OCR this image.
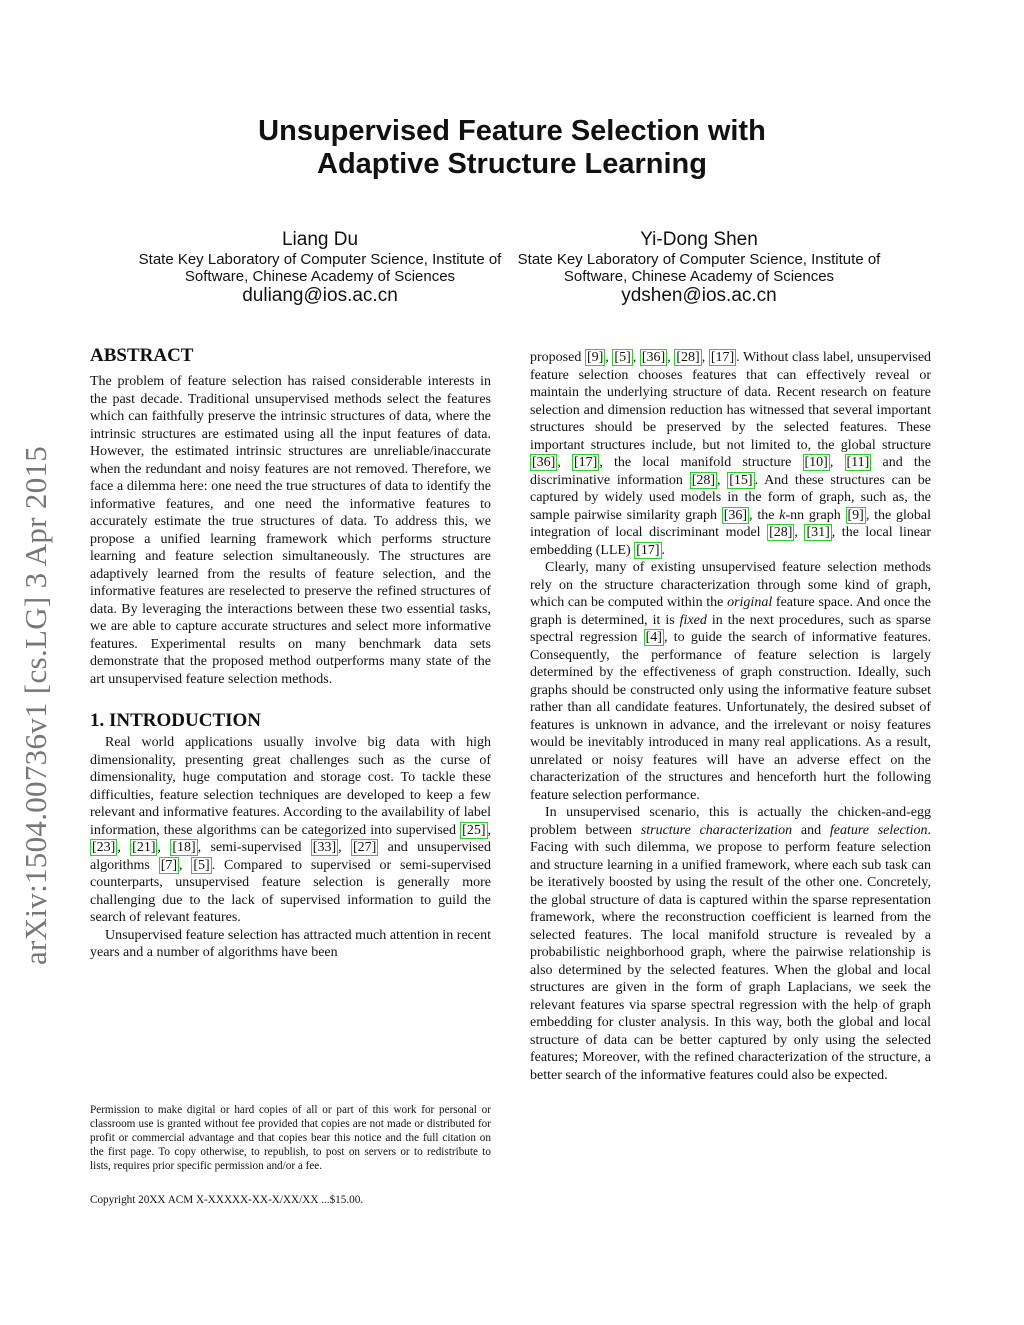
arXiv:1504.00736v1 [cs.LG] 3 Apr 2015
Unsupervised Feature Selection with
Adaptive Structure Learning
Liang Du
State Key Laboratory of Computer Science, Institute of Software, Chinese Academy of Sciences
duliang@ios.ac.cn
Yi-Dong Shen
State Key Laboratory of Computer Science, Institute of Software, Chinese Academy of Sciences
ydshen@ios.ac.cn
ABSTRACT

The problem of feature selection has raised considerable interests in the past decade. Traditional unsupervised methods select the features which can faithfully preserve the intrinsic structures of data, where the intrinsic structures are estimated using all the input features of data. However, the estimated intrinsic structures are unreliable/inaccurate when the redundant and noisy features are not removed. Therefore, we face a dilemma here: one need the true structures of data to identify the informative features, and one need the informative features to accurately estimate the true structures of data. To address this, we propose a unified learning framework which performs structure learning and feature selection simultaneously. The structures are adaptively learned from the results of feature selection, and the informative features are reselected to preserve the refined structures of data. By leveraging the interactions between these two essential tasks, we are able to capture accurate structures and select more informative features. Experimental results on many benchmark data sets demonstrate that the proposed method outperforms many state of the art unsupervised feature selection methods.

1. INTRODUCTION

Real world applications usually involve big data with high dimensionality, presenting great challenges such as the curse of dimensionality, huge computation and storage cost. To tackle these difficulties, feature selection techniques are developed to keep a few relevant and informative features. According to the availability of label information, these algorithms can be categorized into supervised [25] , [23] , [21] , [18] , semi-supervised [33] , [27] and unsupervised algorithms [7] , [5] . Compared to supervised or semi-supervised counterparts, unsupervised feature selection is generally more challenging due to the lack of supervised information to guild the search of relevant features.

Unsupervised feature selection has attracted much attention in recent years and a number of algorithms have been

proposed [9] , [5] , [36] , [28] , [17] . Without class label, unsupervised feature selection chooses features that can effectively reveal or maintain the underlying structure of data. Recent research on feature selection and dimension reduction has witnessed that several important structures should be preserved by the selected features. These important structures include, but not limited to, the global structure [36] , [17] , the local manifold structure [10] , [11] and the discriminative information [28] , [15] . And these structures can be captured by widely used models in the form of graph, such as, the sample pairwise similarity graph [36] , the k-nn graph [9] , the global integration of local discriminant model [28] , [31] , the local linear embedding (LLE) [17] .

Clearly, many of existing unsupervised feature selection methods rely on the structure characterization through some kind of graph, which can be computed within the original feature space. And once the graph is determined, it is fixed in the next procedures, such as sparse spectral regression [4] , to guide the search of informative features. Consequently, the performance of feature selection is largely determined by the effectiveness of graph construction. Ideally, such graphs should be constructed only using the informative feature subset rather than all candidate features. Unfortunately, the desired subset of features is unknown in advance, and the irrelevant or noisy features would be inevitably introduced in many real applications. As a result, unrelated or noisy features will have an adverse effect on the characterization of the structures and henceforth hurt the following feature selection performance.

In unsupervised scenario, this is actually the chicken-and-egg problem between structure characterization and feature selection. Facing with such dilemma, we propose to perform feature selection and structure learning in a unified framework, where each sub task can be iteratively boosted by using the result of the other one. Concretely, the global structure of data is captured within the sparse representation framework, where the reconstruction coefficient is learned from the selected features. The local manifold structure is revealed by a probabilistic neighborhood graph, where the pairwise relationship is also determined by the selected features. When the global and local structures are given in the form of graph Laplacians, we seek the relevant features via sparse spectral regression with the help of graph embedding for cluster analysis. In this way, both the global and local structure of data can be better captured by only using the selected features; Moreover, with the refined characterization of the structure, a better search of the informative features could also be expected.

Permission to make digital or hard copies of all or part of this work for personal or classroom use is granted without fee provided that copies are not made or distributed for profit or commercial advantage and that copies bear this notice and the full citation on the first page. To copy otherwise, to republish, to post on servers or to redistribute to lists, requires prior specific permission and/or a fee.
Copyright 20XX ACM X-XXXXX-XX-X/XX/XX ...$15.00.
